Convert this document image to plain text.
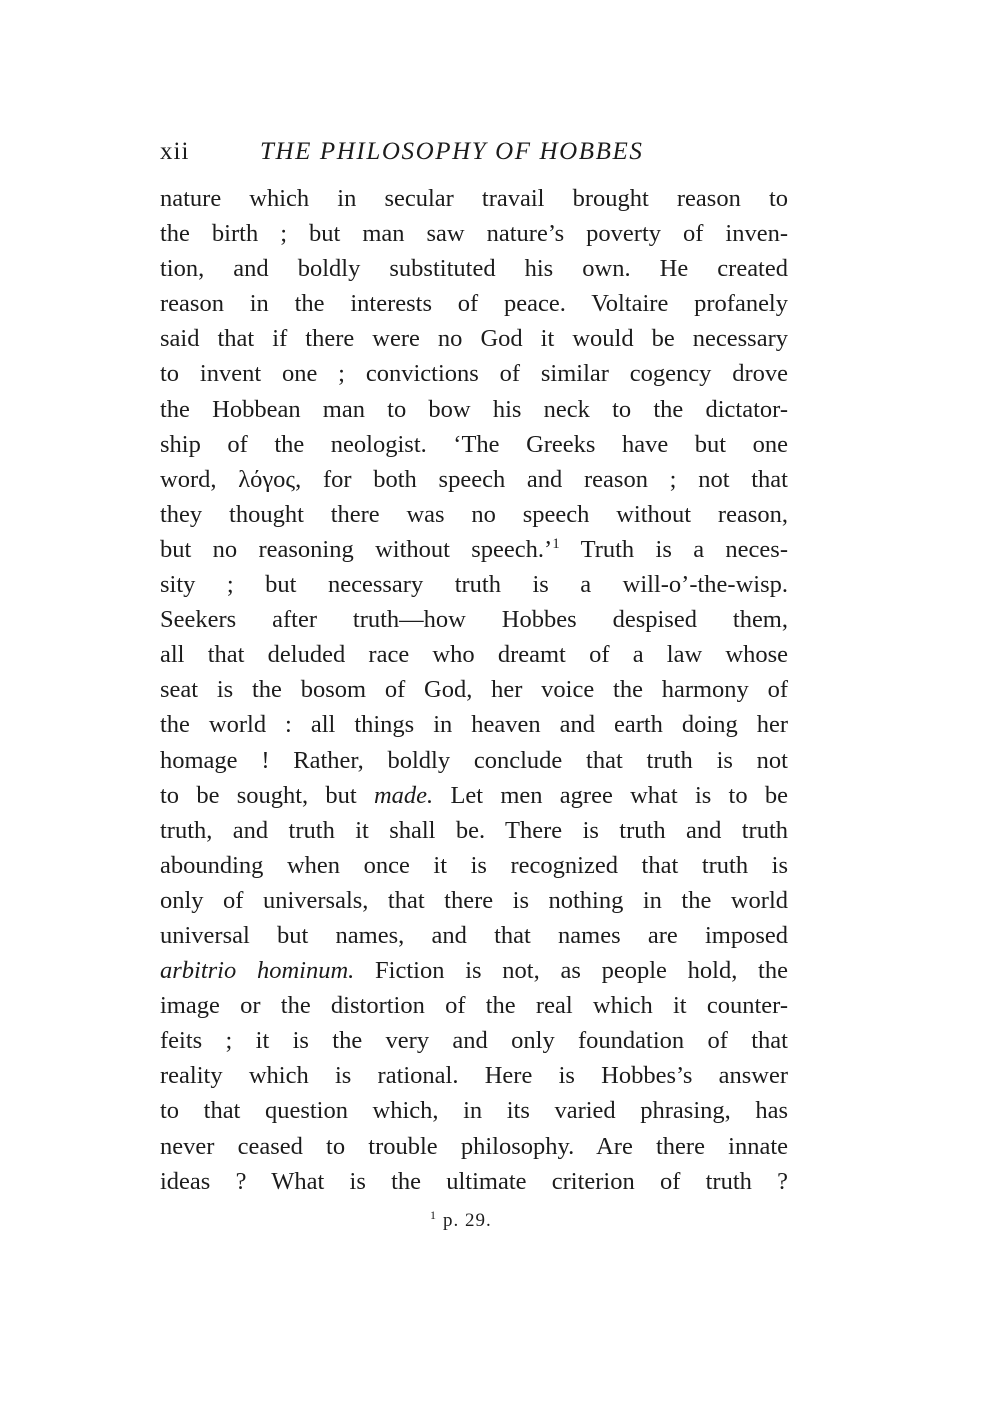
xii	THE PHILOSOPHY OF HOBBES
nature which in secular travail brought reason to
the birth ; but man saw nature’s poverty of inven-
tion, and boldly substituted his own. He created
reason in the interests of peace. Voltaire profanely
said that if there were no God it would be necessary
to invent one ; convictions of similar cogency drove
the Hobbean man to bow his neck to the dictator-
ship of the neologist. ‘The Greeks have but one
word, λόγος, for both speech and reason ; not that
they thought there was no speech without reason,
but no reasoning without speech.’$^1$ Truth is a neces-
sity ; but necessary truth is a will-o’-the-wisp.
Seekers after truth—how Hobbes despised them,
all that deluded race who dreamt of a law whose
seat is the bosom of God, her voice the harmony of
the world : all things in heaven and earth doing her
homage ! Rather, boldly conclude that truth is not
to be sought, but made. Let men agree what is to be
truth, and truth it shall be. There is truth and truth
abounding when once it is recognized that truth is
only of universals, that there is nothing in the world
universal but names, and that names are imposed
arbitrio hominum. Fiction is not, as people hold, the
image or the distortion of the real which it counter-
feits ; it is the very and only foundation of that
reality which is rational. Here is Hobbes’s answer
to that question which, in its varied phrasing, has
never ceased to trouble philosophy. Are there innate
ideas ? What is the ultimate criterion of truth ?
$^1$ p. 29.
